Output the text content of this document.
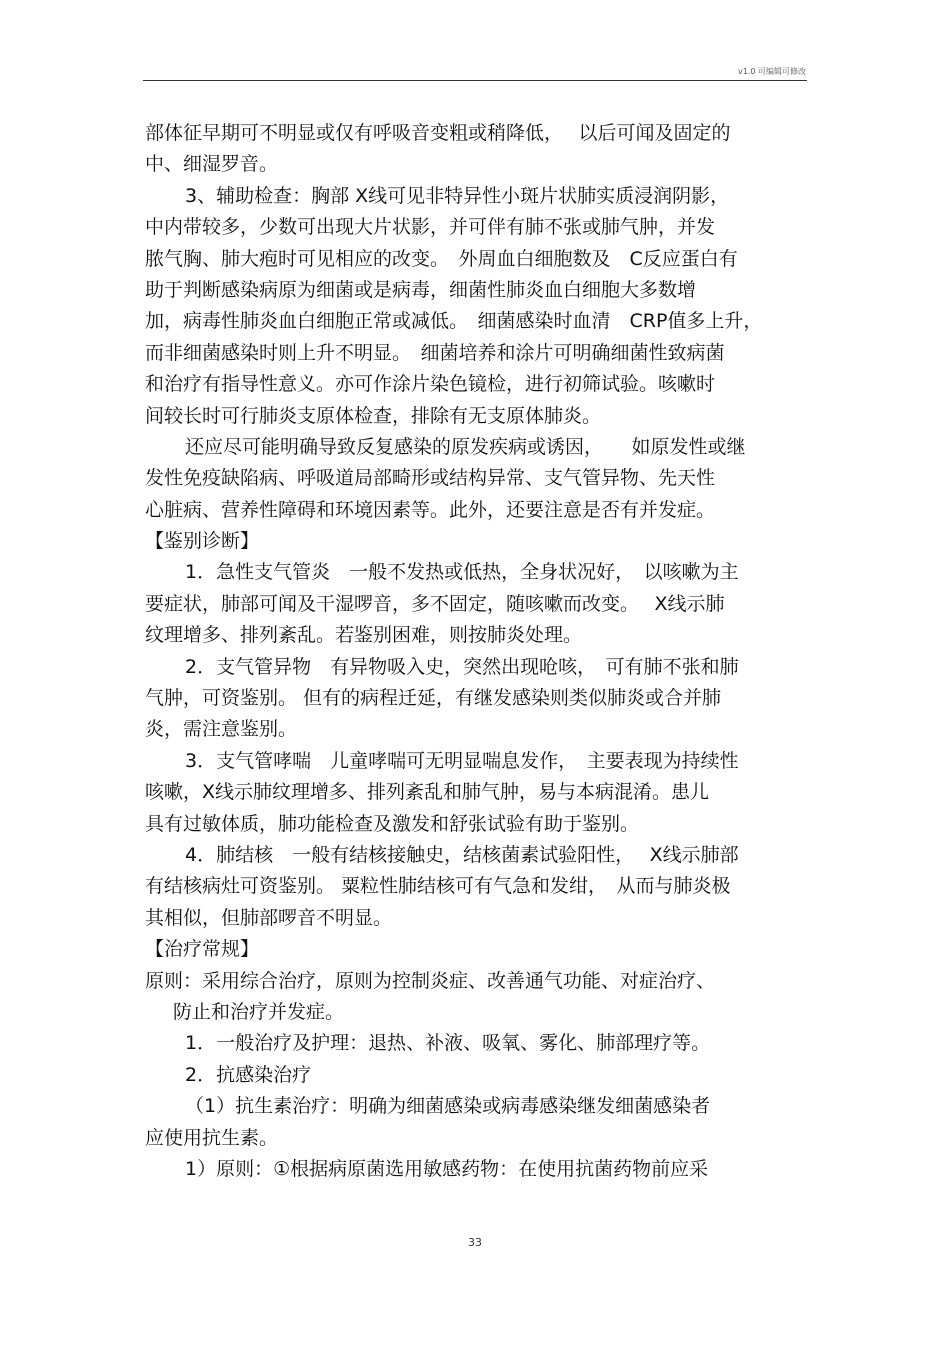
v1.0 可编辑可修改
部体征早期可不明显或仅有呼吸音变粗或稍降低，　 以后可闻及固定的
中、细湿罗音。
3、辅助检查：胸部 X线可见非特异性小斑片状肺实质浸润阴影，
中内带较多，少数可出现大片状影，并可伴有肺不张或肺气肿，并发
脓气胸、肺大疱时可见相应的改变。　外周血白细胞数及　C反应蛋白有
助于判断感染病原为细菌或是病毒，细菌性肺炎血白细胞大多数增
加，病毒性肺炎血白细胞正常或减低。　细菌感染时血清　CRP值多上升，
而非细菌感染时则上升不明显。　细菌培养和涂片可明确细菌性致病菌
和治疗有指导性意义。亦可作涂片染色镜检，进行初筛试验。咳嗽时
间较长时可行肺炎支原体检查，排除有无支原体肺炎。
还应尽可能明确导致反复感染的原发疾病或诱因，　　如原发性或继
发性免疫缺陷病、呼吸道局部畸形或结构异常、支气管异物、先天性
心脏病、营养性障碍和环境因素等。此外，还要注意是否有并发症。
【鉴别诊断】
1．急性支气管炎　一般不发热或低热，全身状况好，　以咳嗽为主
要症状，肺部可闻及干湿啰音，多不固定，随咳嗽而改变。　 X线示肺
纹理增多、排列紊乱。若鉴别困难，则按肺炎处理。
2．支气管异物　有异物吸入史，突然出现呛咳，　可有肺不张和肺
气肿，可资鉴别。 但有的病程迁延，有继发感染则类似肺炎或合并肺
炎，需注意鉴别。
3．支气管哮喘　儿童哮喘可无明显喘息发作，　主要表现为持续性
咳嗽，X线示肺纹理增多、排列紊乱和肺气肿，易与本病混淆。患儿
具有过敏体质，肺功能检查及激发和舒张试验有助于鉴别。
4．肺结核　一般有结核接触史，结核菌素试验阳性，　 X线示肺部
有结核病灶可资鉴别。 粟粒性肺结核可有气急和发绀，　从而与肺炎极
其相似，但肺部啰音不明显。
【治疗常规】
原则：采用综合治疗，原则为控制炎症、改善通气功能、对症治疗、
防止和治疗并发症。
1．一般治疗及护理：退热、补液、吸氧、雾化、肺部理疗等。
2．抗感染治疗
（1）抗生素治疗：明确为细菌感染或病毒感染继发细菌感染者
应使用抗生素。
1）原则：①根据病原菌选用敏感药物：在使用抗菌药物前应采
33
